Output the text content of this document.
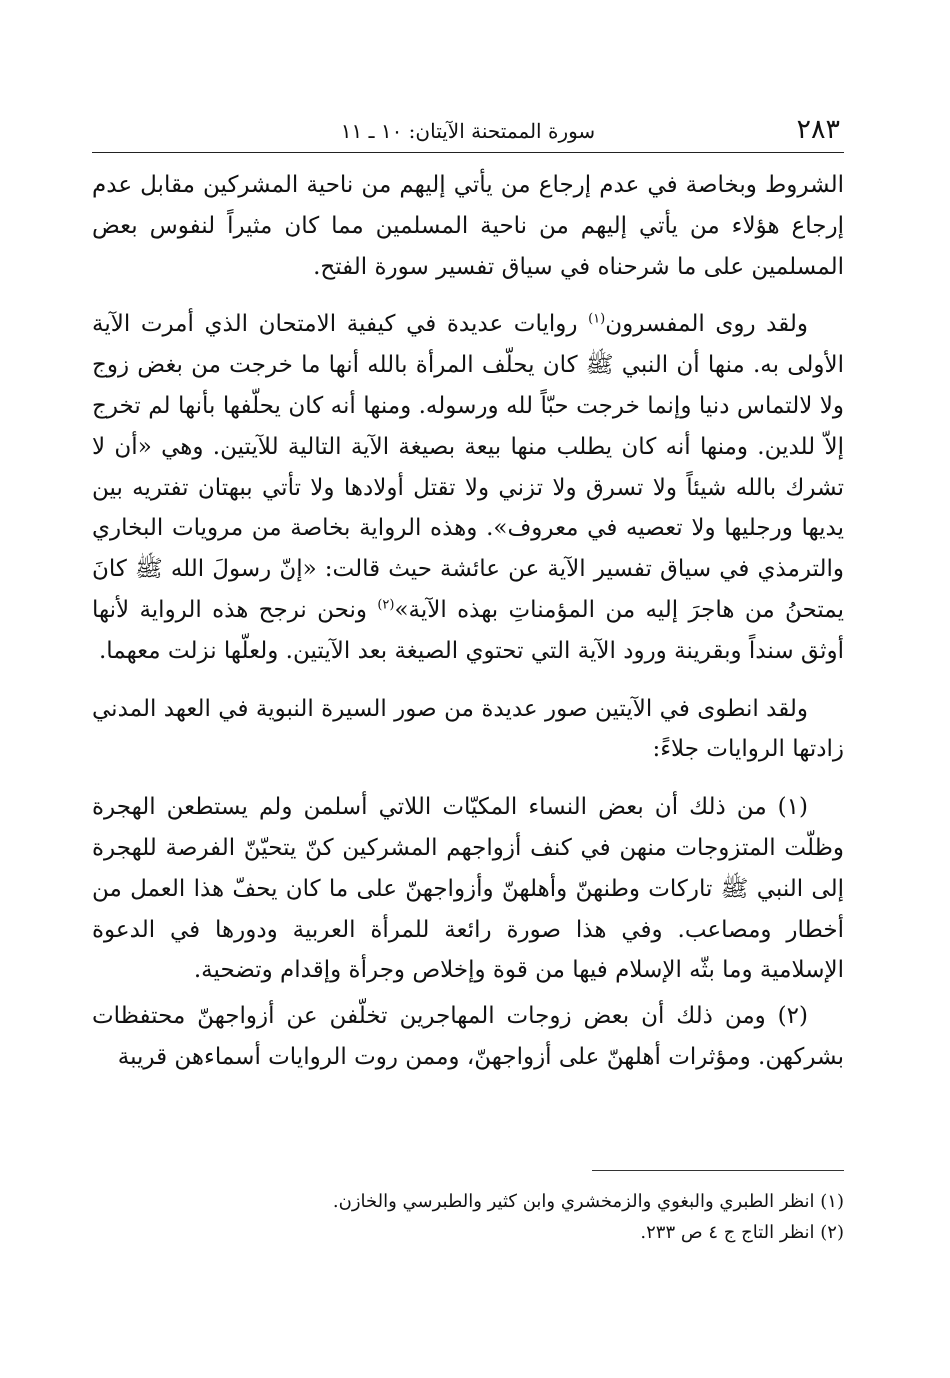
٢٨٣
سورة الممتحنة الآيتان: ١٠ ـ ١١

الشروط وبخاصة في عدم إرجاع من يأتي إليهم من ناحية المشركين مقابل عدم إرجاع هؤلاء من يأتي إليهم من ناحية المسلمين مما كان مثيراً لنفوس بعض المسلمين على ما شرحناه في سياق تفسير سورة الفتح.

ولقد روى المفسرون$^{(١)}$ روايات عديدة في كيفية الامتحان الذي أمرت الآية الأولى به. منها أن النبي ﷺ كان يحلّف المرأة بالله أنها ما خرجت من بغض زوج ولا لالتماس دنيا وإنما خرجت حبّاً لله ورسوله. ومنها أنه كان يحلّفها بأنها لم تخرج إلاّ للدين. ومنها أنه كان يطلب منها بيعة بصيغة الآية التالية للآيتين. وهي «أن لا تشرك بالله شيئاً ولا تسرق ولا تزني ولا تقتل أولادها ولا تأتي ببهتان تفتريه بين يديها ورجليها ولا تعصيه في معروف». وهذه الرواية بخاصة من مرويات البخاري والترمذي في سياق تفسير الآية عن عائشة حيث قالت: «إنّ رسولَ الله ﷺ كانَ يمتحنُ من هاجرَ إليه من المؤمناتِ بهذه الآية»$^{(٢)}$ ونحن نرجح هذه الرواية لأنها أوثق سنداً وبقرينة ورود الآية التي تحتوي الصيغة بعد الآيتين. ولعلّها نزلت معهما.

ولقد انطوى في الآيتين صور عديدة من صور السيرة النبوية في العهد المدني زادتها الروايات جلاءً:

(١) من ذلك أن بعض النساء المكيّات اللاتي أسلمن ولم يستطعن الهجرة وظلّت المتزوجات منهن في كنف أزواجهم المشركين كنّ يتحيّنّ الفرصة للهجرة إلى النبي ﷺ تاركات وطنهنّ وأهلهنّ وأزواجهنّ على ما كان يحفّ هذا العمل من أخطار ومصاعب. وفي هذا صورة رائعة للمرأة العربية ودورها في الدعوة الإسلامية وما بثّه الإسلام فيها من قوة وإخلاص وجرأة وإقدام وتضحية.

(٢) ومن ذلك أن بعض زوجات المهاجرين تخلّفن عن أزواجهنّ محتفظات بشركهن. ومؤثرات أهلهنّ على أزواجهنّ، وممن روت الروايات أسماءهن قريبة

(١) انظر الطبري والبغوي والزمخشري وابن كثير والطبرسي والخازن.

(٢) انظر التاج ج ٤ ص ٢٣٣.
